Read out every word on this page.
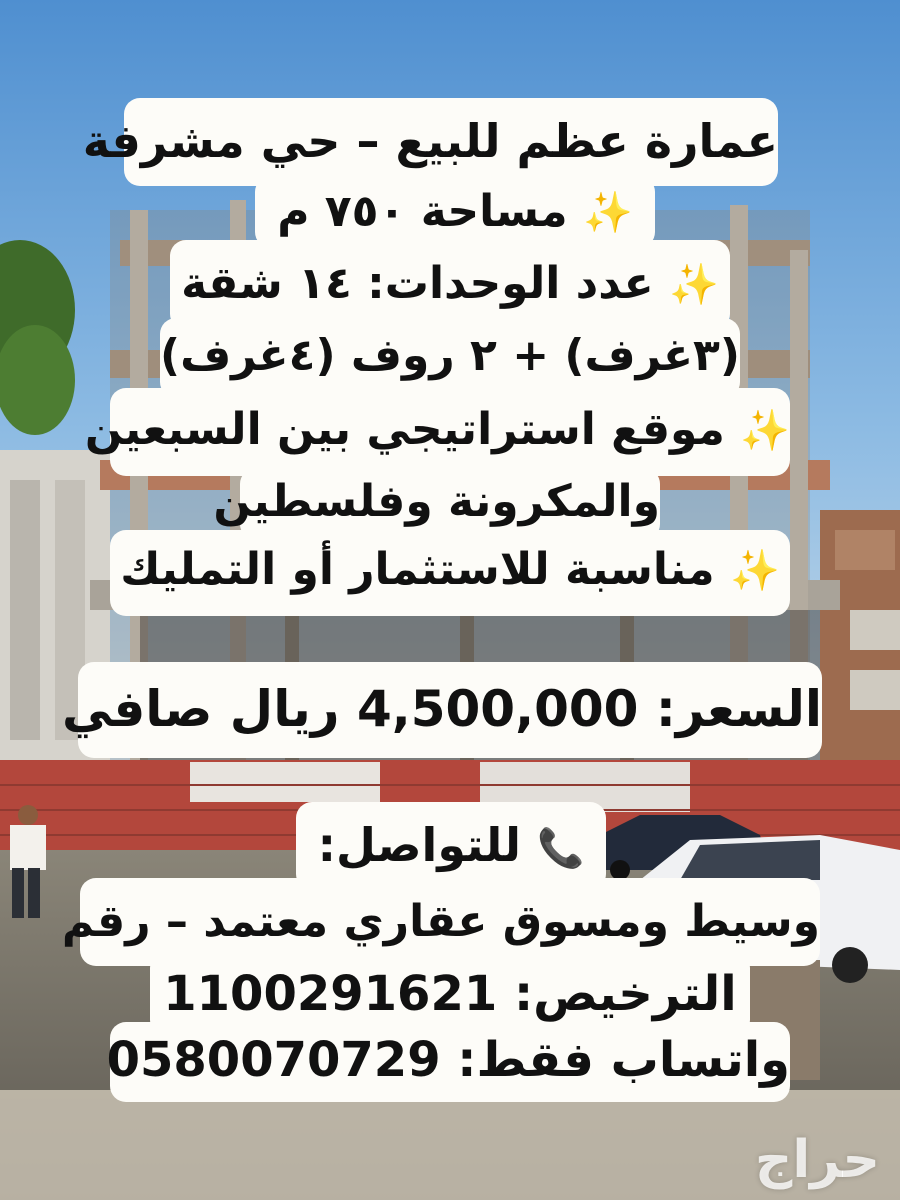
عمارة عظم للبيع – حي مشرفة
✨ مساحة ٧٥٠ م
✨ عدد الوحدات: ١٤ شقة
(٣غرف) + ٢ روف (٤غرف)
✨ موقع استراتيجي بين السبعين
والمكرونة وفلسطين
✨ مناسبة للاستثمار أو التمليك
السعر: 4,500,000 ريال صافي
📞 للتواصل:
وسيط ومسوق عقاري معتمد – رقم
الترخيص: 1100291621
واتساب فقط: 0580070729
حراج
